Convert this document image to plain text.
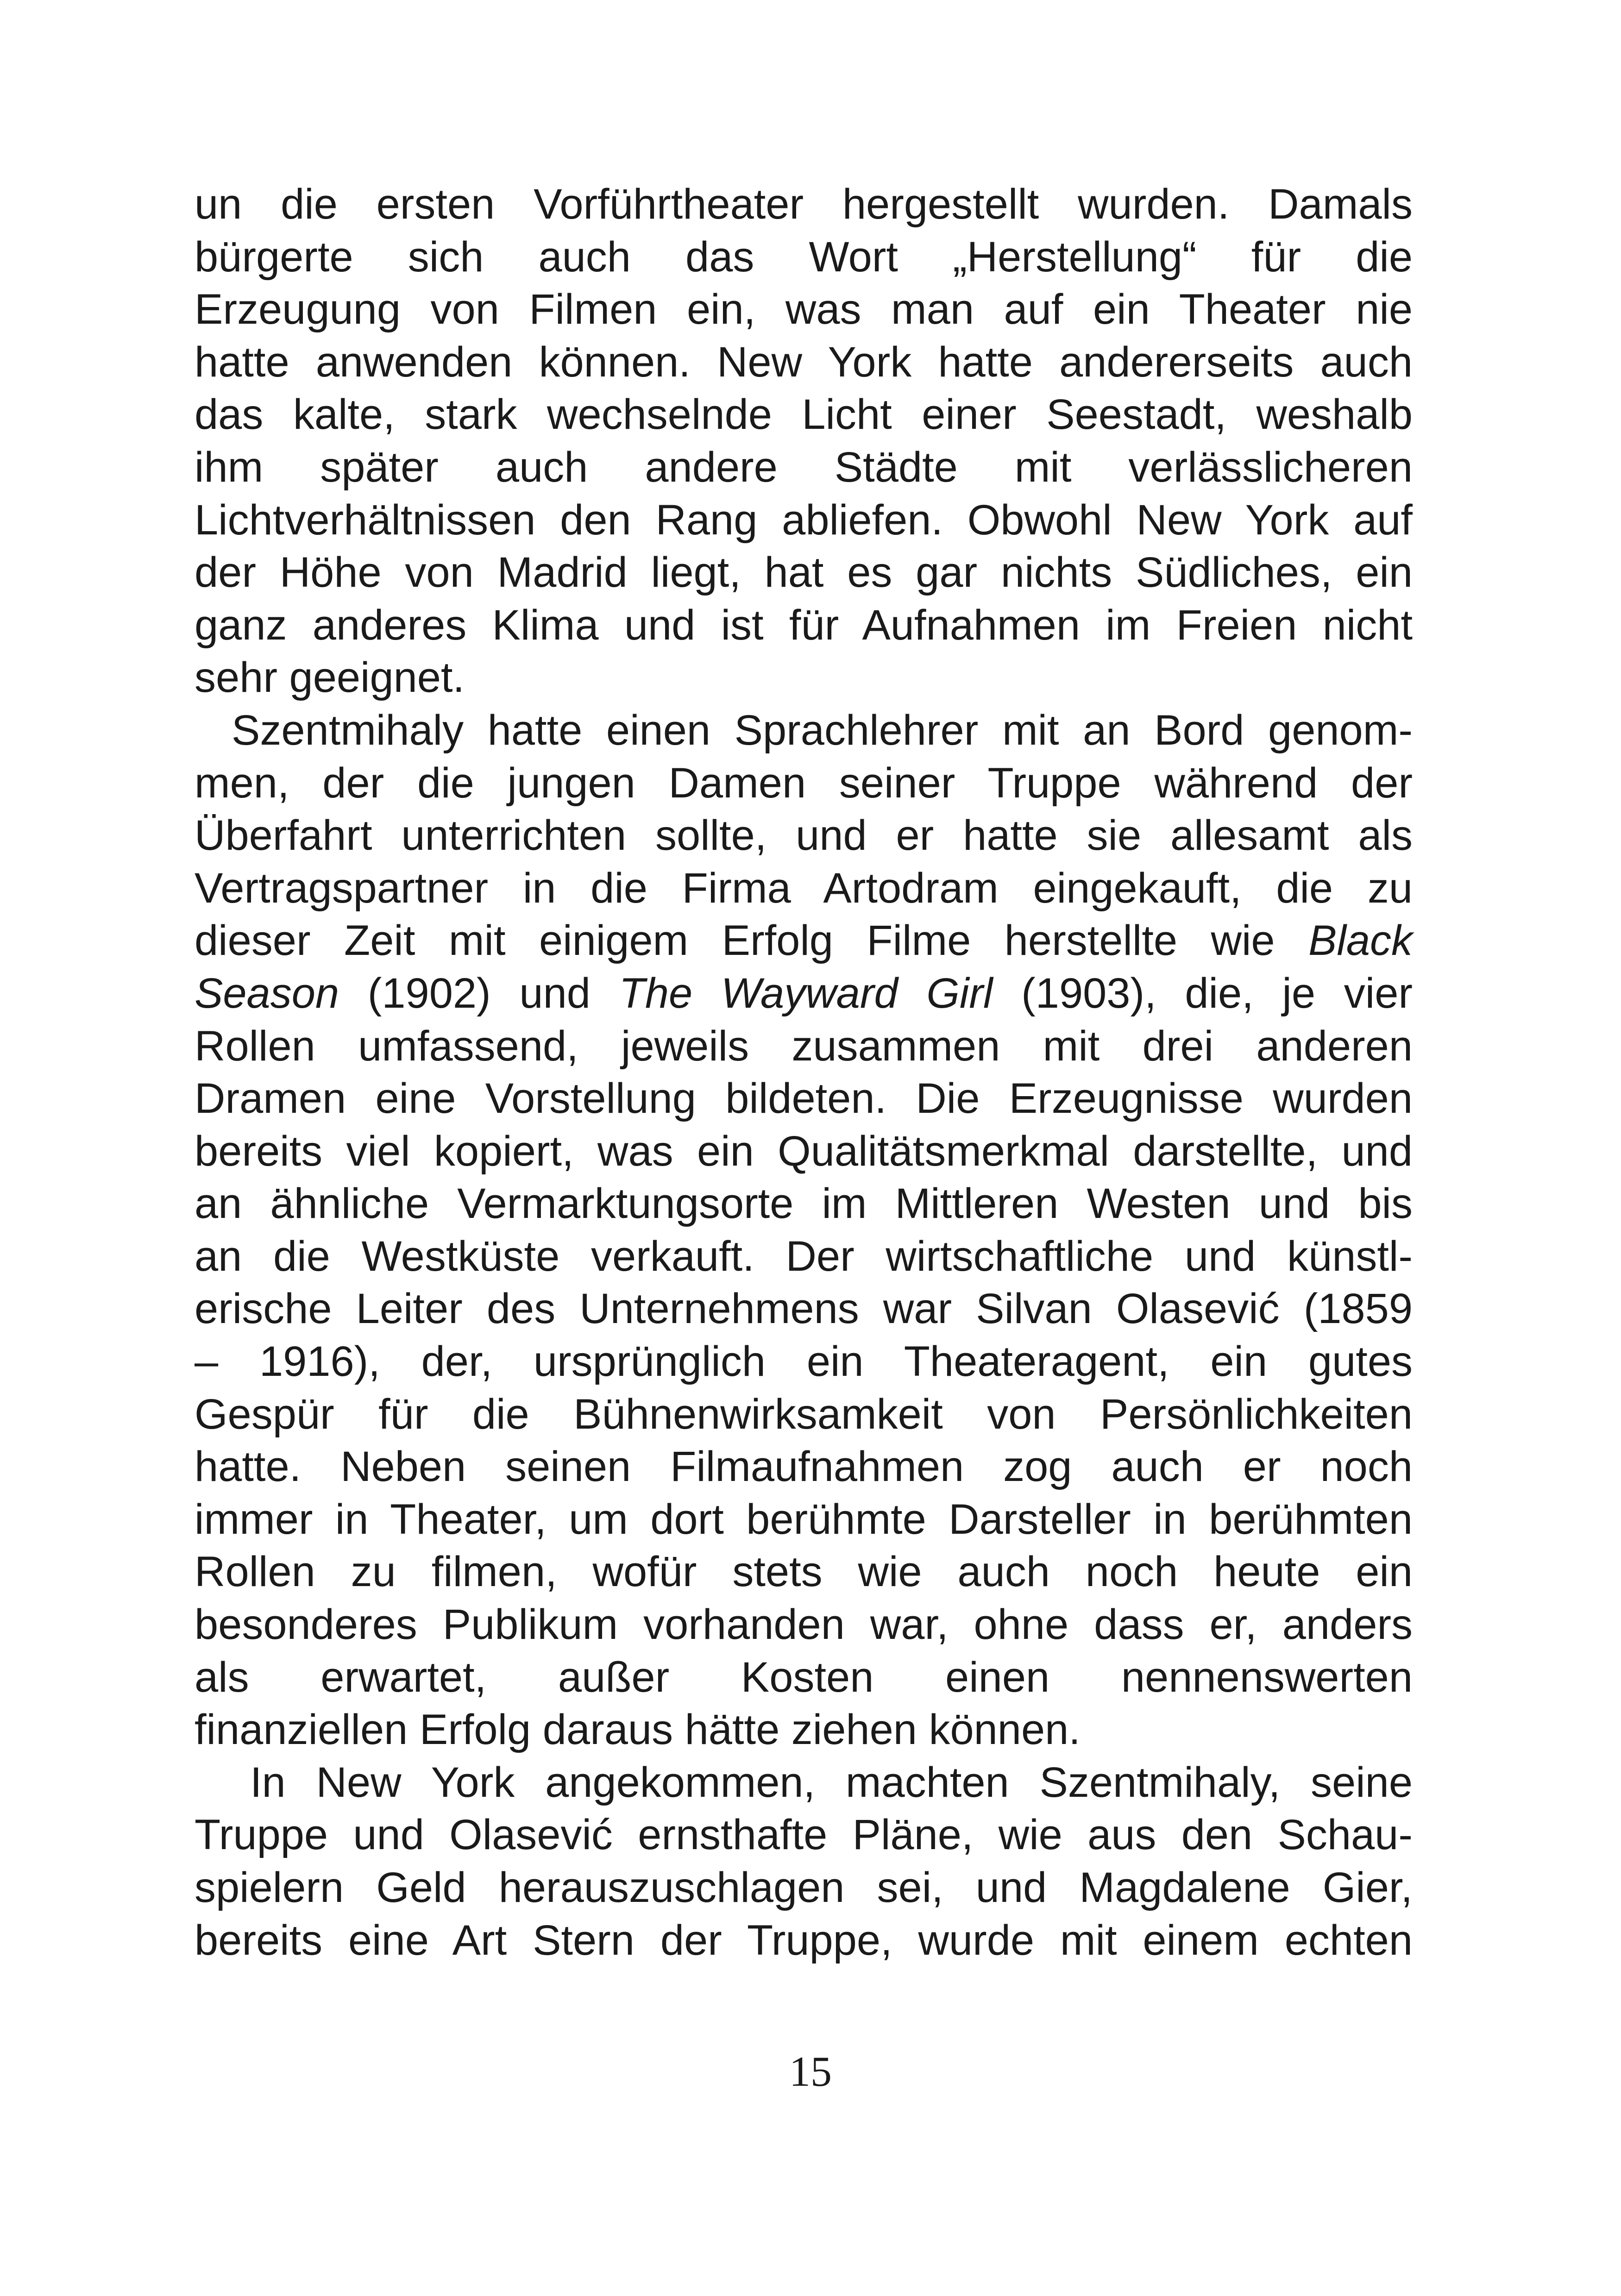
un die ersten Vorführtheater hergestellt wurden. Damals
bürgerte sich auch das Wort „Herstellung“ für die
Erzeugung von Filmen ein, was man auf ein Theater nie
hatte anwenden können. New York hatte andererseits auch
das kalte, stark wechselnde Licht einer Seestadt, weshalb
ihm später auch andere Städte mit verlässlicheren
Lichtverhältnissen den Rang abliefen. Obwohl New York auf
der Höhe von Madrid liegt, hat es gar nichts Südliches, ein
ganz anderes Klima und ist für Aufnahmen im Freien nicht
sehr geeignet.

Szentmihaly hatte einen Sprachlehrer mit an Bord genom-
men, der die jungen Damen seiner Truppe während der
Überfahrt unterrichten sollte, und er hatte sie allesamt als
Vertragspartner in die Firma Artodram eingekauft, die zu
dieser Zeit mit einigem Erfolg Filme herstellte wie Black
Season (1902) und The Wayward Girl (1903), die, je vier
Rollen umfassend, jeweils zusammen mit drei anderen
Dramen eine Vorstellung bildeten. Die Erzeugnisse wurden
bereits viel kopiert, was ein Qualitätsmerkmal darstellte, und
an ähnliche Vermarktungsorte im Mittleren Westen und bis
an die Westküste verkauft. Der wirtschaftliche und künstl-
erische Leiter des Unternehmens war Silvan Olasević (1859
– 1916), der, ursprünglich ein Theateragent, ein gutes
Gespür für die Bühnenwirksamkeit von Persönlichkeiten
hatte. Neben seinen Filmaufnahmen zog auch er noch
immer in Theater, um dort berühmte Darsteller in berühmten
Rollen zu filmen, wofür stets wie auch noch heute ein
besonderes Publikum vorhanden war, ohne dass er, anders
als erwartet, außer Kosten einen nennenswerten
finanziellen Erfolg daraus hätte ziehen können.

In New York angekommen, machten Szentmihaly, seine
Truppe und Olasević ernsthafte Pläne, wie aus den Schau-
spielern Geld herauszuschlagen sei, und Magdalene Gier,
bereits eine Art Stern der Truppe, wurde mit einem echten

15
